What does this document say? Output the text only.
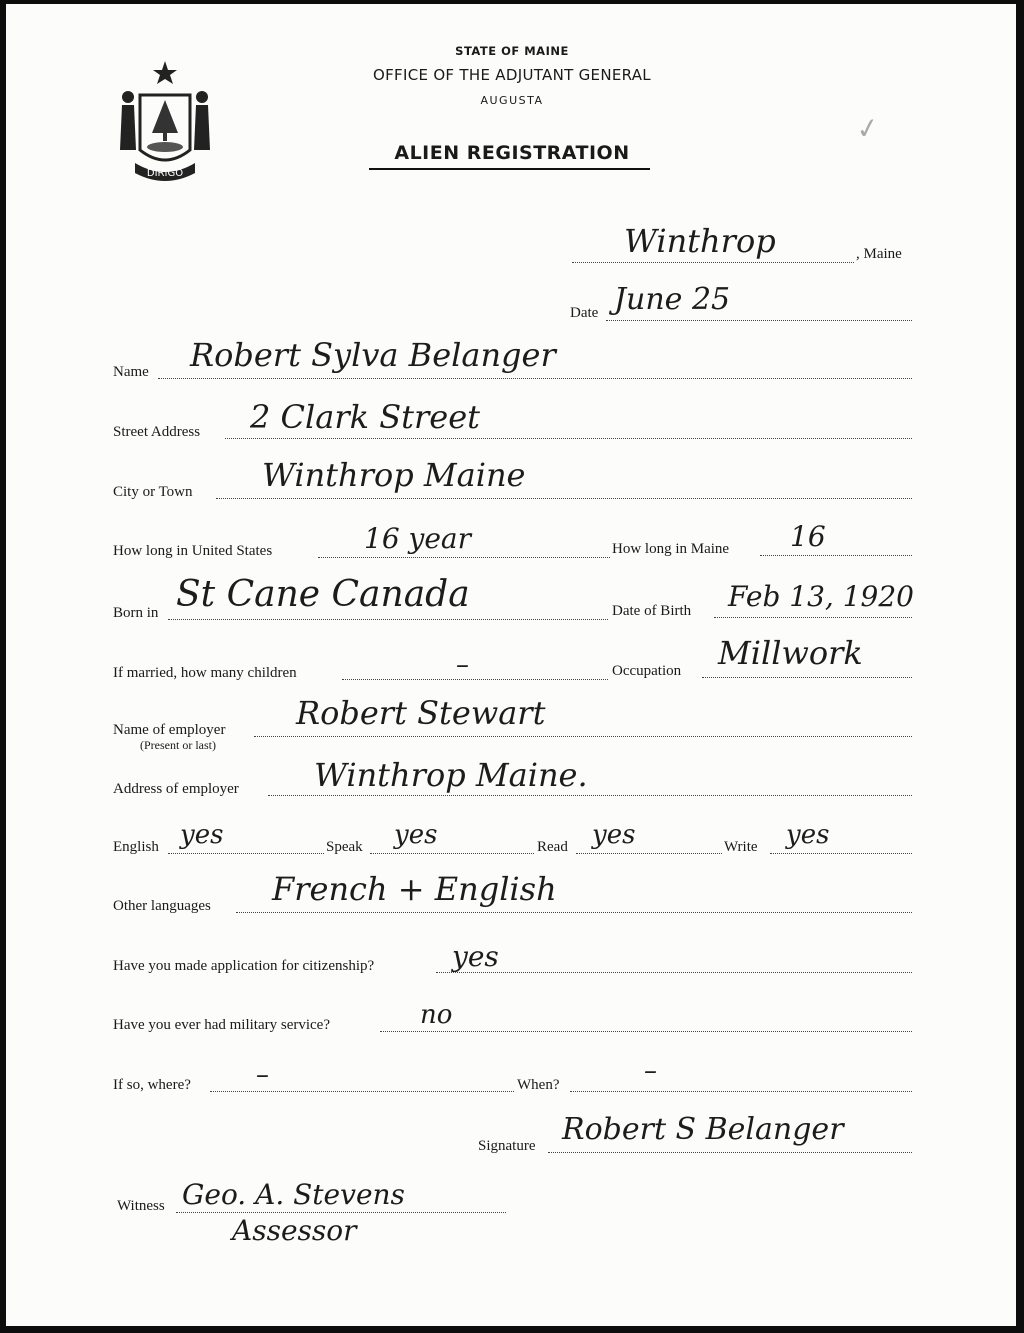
DIRIGO
STATE OF MAINE
OFFICE OF THE ADJUTANT GENERAL
AUGUSTA
ALIEN REGISTRATION
✓
Winthrop	, Maine
Date June 25
Name Robert Sylva Belanger
Street Address 2 Clark Street
City or Town Winthrop Maine
How long in United States	16 year	How long in Maine 16
Born in St Cane Canada	Date of Birth Feb 13, 1920
If married, how many children	–	Occupation Millwork
Name of employer
(Present or last)
Robert Stewart
Address of employer Winthrop Maine.
English yes	Speak yes	Read yes	Write yes
Other languages French + English
Have you made application for citizenship?	yes
Have you ever had military service?	no
If so, where?	–	When?	–
Signature Robert S Belanger
Witness Geo. A. Stevens
Assessor
